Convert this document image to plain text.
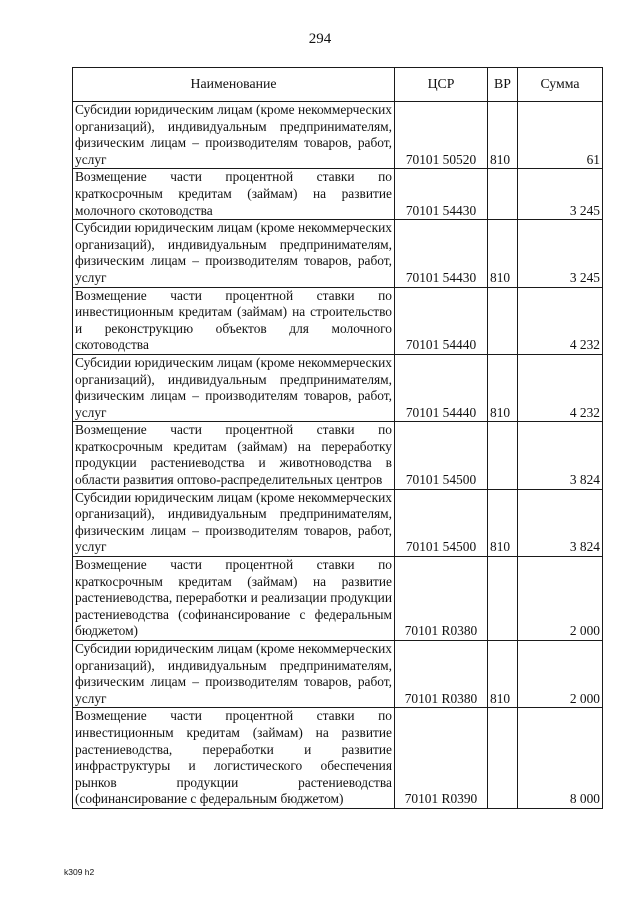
294
Наименование	ЦСР	ВР	Сумма
Субсидии юридическим лицам (кроме некоммерческих организаций), индивидуальным предпринимателям, физическим лицам – производителям товаров, работ, услуг	70101 50520	810	61
Возмещение части процентной ставки по краткосрочным кредитам (займам) на развитие молочного скотоводства	70101 54430		3 245
Субсидии юридическим лицам (кроме некоммерческих организаций), индивидуальным предпринимателям, физическим лицам – производителям товаров, работ, услуг	70101 54430	810	3 245
Возмещение части процентной ставки по инвестиционным кредитам (займам) на строительство и реконструкцию объектов для молочного скотоводства	70101 54440		4 232
Субсидии юридическим лицам (кроме некоммерческих организаций), индивидуальным предпринимателям, физическим лицам – производителям товаров, работ, услуг	70101 54440	810	4 232
Возмещение части процентной ставки по краткосрочным кредитам (займам) на переработку продукции растениеводства и животноводства в области развития оптово-распределительных центров	70101 54500		3 824
Субсидии юридическим лицам (кроме некоммерческих организаций), индивидуальным предпринимателям, физическим лицам – производителям товаров, работ, услуг	70101 54500	810	3 824
Возмещение части процентной ставки по краткосрочным кредитам (займам) на развитие растениеводства, переработки и реализации продукции растениеводства (софинансирование с федеральным бюджетом)	70101 R0380		2 000
Субсидии юридическим лицам (кроме некоммерческих организаций), индивидуальным предпринимателям, физическим лицам – производителям товаров, работ, услуг	70101 R0380	810	2 000
Возмещение части процентной ставки по инвестиционным кредитам (займам) на развитие растениеводства, переработки и развитие инфраструктуры и логистического обеспечения рынков продукции растениеводства (софинансирование с федеральным бюджетом)	70101 R0390		8 000
k309 h2
